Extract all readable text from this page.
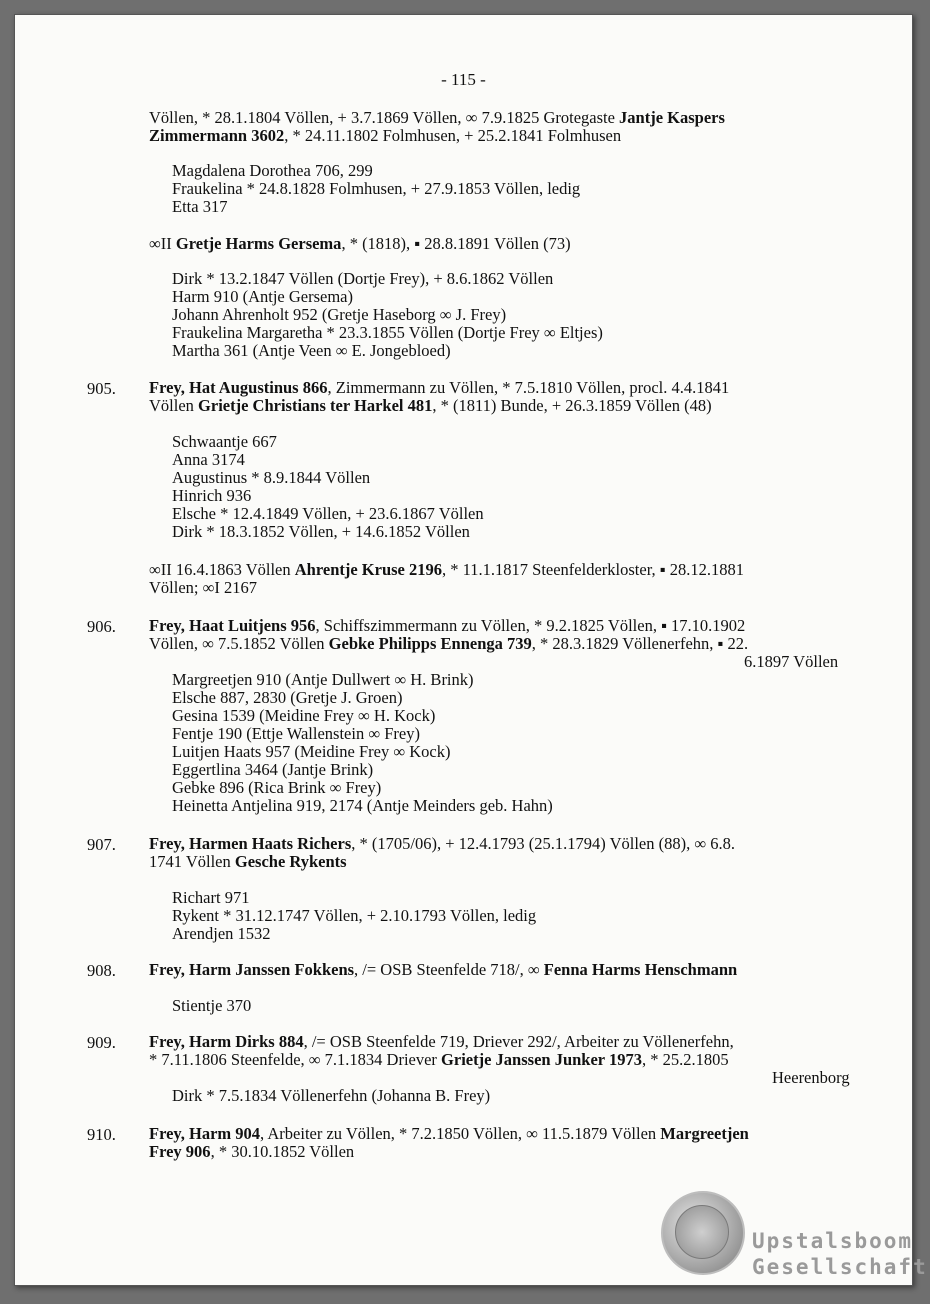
- 115 -
Völlen, * 28.1.1804 Völlen, + 3.7.1869 Völlen, ∞ 7.9.1825 Grotegaste Jantje Kaspers
Zimmermann 3602, * 24.11.1802 Folmhusen, + 25.2.1841 Folmhusen
Magdalena Dorothea 706, 299
Fraukelina * 24.8.1828 Folmhusen, + 27.9.1853 Völlen, ledig
Etta 317
∞II Gretje Harms Gersema, * (1818), ▪ 28.8.1891 Völlen (73)
Dirk * 13.2.1847 Völlen (Dortje Frey), + 8.6.1862 Völlen
Harm 910 (Antje Gersema)
Johann Ahrenholt 952 (Gretje Haseborg ∞ J. Frey)
Fraukelina Margaretha * 23.3.1855 Völlen (Dortje Frey ∞ Eltjes)
Martha 361 (Antje Veen ∞ E. Jongebloed)
Frey, Hat Augustinus 866, Zimmermann zu Völlen, * 7.5.1810 Völlen, procl. 4.4.1841
Völlen Grietje Christians ter Harkel 481, * (1811) Bunde, + 26.3.1859 Völlen (48)
Schwaantje 667
Anna 3174
Augustinus * 8.9.1844 Völlen
Hinrich 936
Elsche * 12.4.1849 Völlen, + 23.6.1867 Völlen
Dirk * 18.3.1852 Völlen, + 14.6.1852 Völlen
∞II 16.4.1863 Völlen Ahrentje Kruse 2196, * 11.1.1817 Steenfelderkloster, ▪ 28.12.1881
Völlen; ∞I 2167
Frey, Haat Luitjens 956, Schiffszimmermann zu Völlen, * 9.2.1825 Völlen, ▪ 17.10.1902
Völlen, ∞ 7.5.1852 Völlen Gebke Philipps Ennenga 739, * 28.3.1829 Völlenerfehn, ▪ 22.
6.1897 Völlen
Margreetjen 910 (Antje Dullwert ∞ H. Brink)
Elsche 887, 2830 (Gretje J. Groen)
Gesina 1539 (Meidine Frey ∞ H. Kock)
Fentje 190 (Ettje Wallenstein ∞ Frey)
Luitjen Haats 957 (Meidine Frey ∞ Kock)
Eggertlina 3464 (Jantje Brink)
Gebke 896 (Rica Brink ∞ Frey)
Heinetta Antjelina 919, 2174 (Antje Meinders geb. Hahn)
Frey, Harmen Haats Richers, * (1705/06), + 12.4.1793 (25.1.1794) Völlen (88), ∞ 6.8.
1741 Völlen Gesche Rykents
Richart 971
Rykent * 31.12.1747 Völlen, + 2.10.1793 Völlen, ledig
Arendjen 1532
Frey, Harm Janssen Fokkens, /= OSB Steenfelde 718/, ∞ Fenna Harms Henschmann
Stientje 370
Frey, Harm Dirks 884, /= OSB Steenfelde 719, Driever 292/, Arbeiter zu Völlenerfehn,
* 7.11.1806 Steenfelde, ∞ 7.1.1834 Driever Grietje Janssen Junker 1973, * 25.2.1805
Heerenborg
Dirk * 7.5.1834 Völlenerfehn (Johanna B. Frey)
Frey, Harm 904, Arbeiter zu Völlen, * 7.2.1850 Völlen, ∞ 11.5.1879 Völlen Margreetjen
Frey 906, * 30.10.1852 Völlen
905.
906.
907.
908.
909.
910.
Upstalsboom
Gesellschaft
